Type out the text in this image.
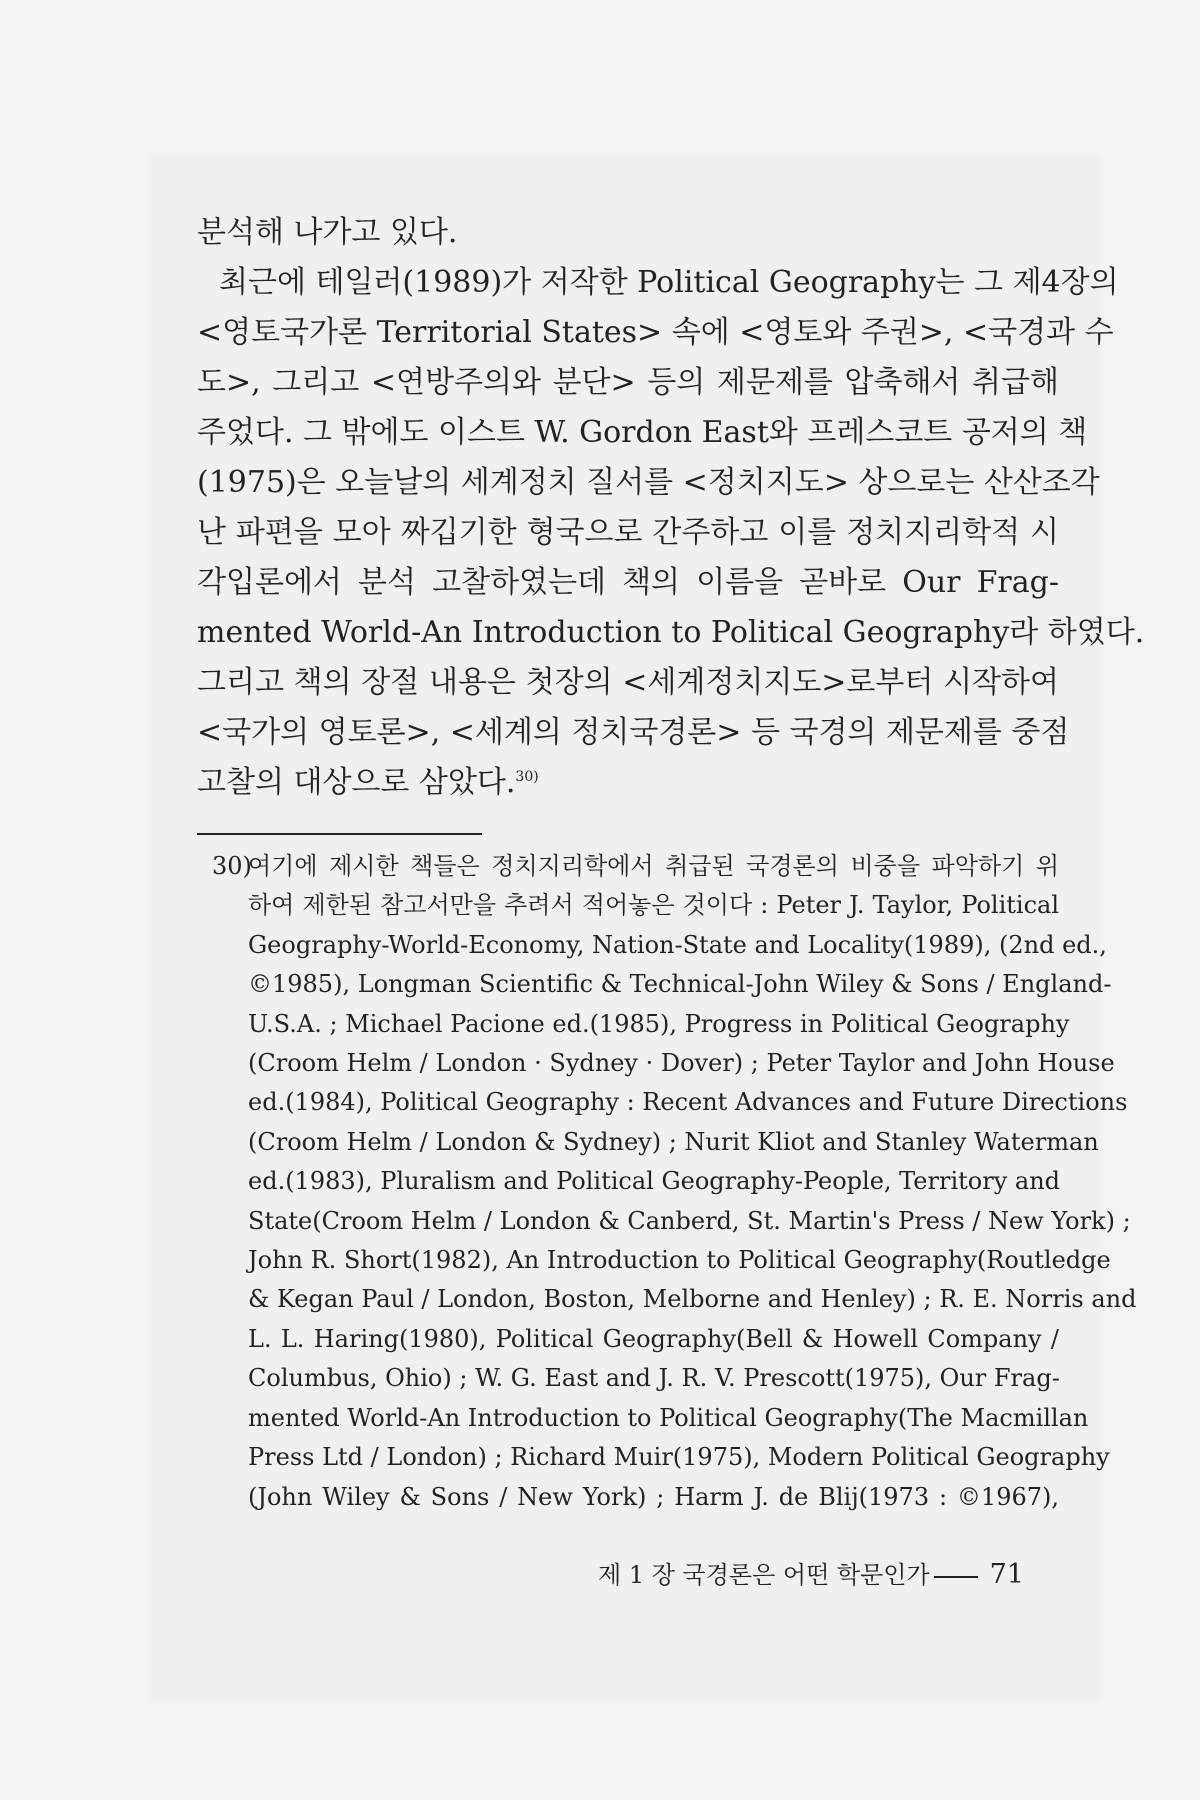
분석해 나가고 있다.
최근에 테일러(1989)가 저작한 Political Geography는 그 제4장의
<영토국가론 Territorial States> 속에 <영토와 주권>, <국경과 수
도>, 그리고 <연방주의와 분단> 등의 제문제를 압축해서 취급해
주었다. 그 밖에도 이스트 W. Gordon East와 프레스코트 공저의 책
(1975)은 오늘날의 세계정치 질서를 <정치지도> 상으로는 산산조각
난 파편을 모아 짜깁기한 형국으로 간주하고 이를 정치지리학적 시
각입론에서 분석 고찰하였는데 책의 이름을 곧바로 Our Frag-
mented World-An Introduction to Political Geography라 하였다.
그리고 책의 장절 내용은 첫장의 <세계정치지도>로부터 시작하여
<국가의 영토론>, <세계의 정치국경론> 등 국경의 제문제를 중점
고찰의 대상으로 삼았다.$^{30)}$
30)
여기에 제시한 책들은 정치지리학에서 취급된 국경론의 비중을 파악하기 위
하여 제한된 참고서만을 추려서 적어놓은 것이다 : Peter J. Taylor, Political
Geography-World-Economy, Nation-State and Locality(1989), (2nd ed.,
©1985), Longman Scientific & Technical-John Wiley & Sons / England-
U.S.A. ; Michael Pacione ed.(1985), Progress in Political Geography
(Croom Helm / London · Sydney · Dover) ; Peter Taylor and John House
ed.(1984), Political Geography : Recent Advances and Future Directions
(Croom Helm / London & Sydney) ; Nurit Kliot and Stanley Waterman
ed.(1983), Pluralism and Political Geography-People, Territory and
State(Croom Helm / London & Canberd, St. Martin's Press / New York) ;
John R. Short(1982), An Introduction to Political Geography(Routledge
& Kegan Paul / London, Boston, Melborne and Henley) ; R. E. Norris and
L. L. Haring(1980), Political Geography(Bell & Howell Company /
Columbus, Ohio) ; W. G. East and J. R. V. Prescott(1975), Our Frag-
mented World-An Introduction to Political Geography(The Macmillan
Press Ltd / London) ; Richard Muir(1975), Modern Political Geography
(John Wiley & Sons / New York) ; Harm J. de Blij(1973 : ©1967),
제 1 장 국경론은 어떤 학문인가 71
